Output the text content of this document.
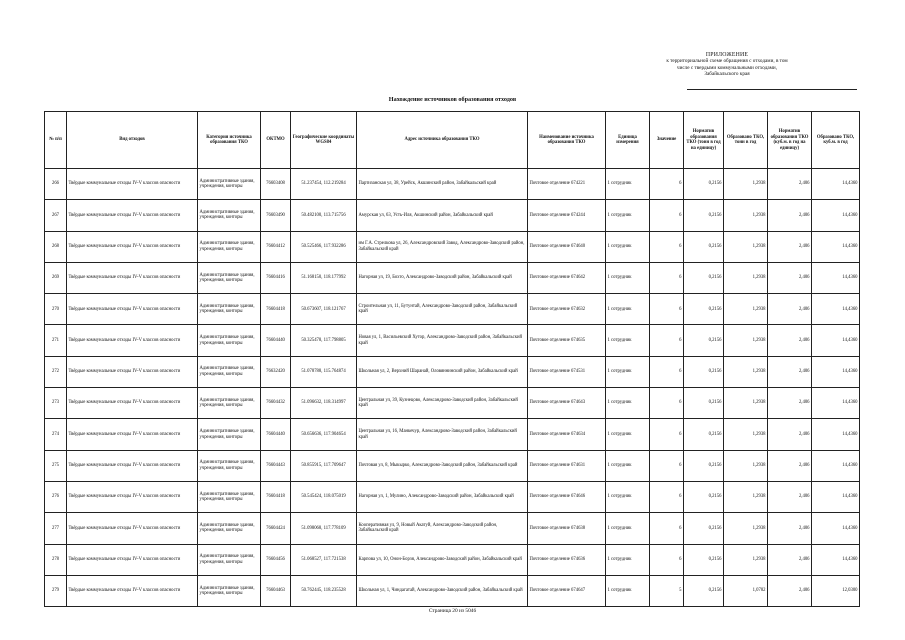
ПРИЛОЖЕНИЕ
к территориальной схеме обращения с отходами, в том
числе с твердыми коммунальными отходами,
Забайкальского края
Нахождение источников образования отходов
№ п/п	Вид отходов	Категория источника образования ТКО	ОКТМО	Географические координаты WGS84	Адрес источника образования ТКО	Наименование источника образования ТКО	Единица измерения	Значение	Норматив образования ТКО (тонн в год на единицу)	Образовано ТКО, тонн в год	Норматив образования ТКО (куб.м. в год на единицу)	Образовано ТКО, куб.м. в год
266	Твёрдые коммунальные отходы IV-V классов опасности	Административные здания, учреждения, конторы	76603408	51.237454, 112.219284	Партизанская ул, 38, Урейск, Акшинский район, Забайкальский край	Почтовое отделение 674221	1 сотрудник	6	0,2156	1,2938	2,406	14,4360
267	Твёрдые коммунальные отходы IV-V классов опасности	Административные здания, учреждения, конторы	76603490	50.482100, 113.715756	Амурская ул, 63, Усть-Иля, Акшинский район, Забайкальский край	Почтовое отделение 674244	1 сотрудник	6	0,2156	1,2938	2,406	14,4360
268	Твёрдые коммунальные отходы IV-V классов опасности	Административные здания, учреждения, конторы	76604412	50.525466, 117.932286	им Г.А. Стрелкова ул, 26, Александровский Завод, Александрово-Заводский район, Забайкальский край	Почтовое отделение 674640	1 сотрудник	6	0,2156	1,2938	2,406	14,4360
269	Твёрдые коммунальные отходы IV-V классов опасности	Административные здания, учреждения, конторы	76604416	51.168150, 118.177992	Нагорная ул, 19, Бохто, Александрово-Заводский район, Забайкальский край	Почтовое отделение 674642	1 сотрудник	6	0,2156	1,2938	2,406	14,4360
270	Твёрдые коммунальные отходы IV-V классов опасности	Административные здания, учреждения, конторы	76604418	50.673607, 118.121767	Строительная ул, 11, Бутунтай, Александрово-Заводский район, Забайкальский край	Почтовое отделение 674632	1 сотрудник	6	0,2156	1,2938	2,406	14,4360
271	Твёрдые коммунальные отходы IV-V классов опасности	Административные здания, учреждения, конторы	76604440	50.325478, 117.798805	Новая ул, 1, Васильевский Хутор, Александрово-Заводский район, Забайкальский край	Почтовое отделение 674635	1 сотрудник	6	0,2156	1,2938	2,406	14,4360
272	Твёрдые коммунальные отходы IV-V классов опасности	Административные здания, учреждения, конторы	76632420	51.078788, 115.764874	Школьная ул, 2, Верхний Шаранай, Оловяннинский район, Забайкальский край	Почтовое отделение 674531	1 сотрудник	6	0,2156	1,2938	2,406	14,4360
273	Твёрдые коммунальные отходы IV-V классов опасности	Административные здания, учреждения, конторы	76604432	51.096632, 118.314997	Центральная ул, 39, Кузнецово, Александрово-Заводский район, Забайкальский край	Почтовое отделение 674643	1 сотрудник	6	0,2156	1,2938	2,406	14,4360
274	Твёрдые коммунальные отходы IV-V классов опасности	Административные здания, учреждения, конторы	76604440	50.656636, 117.904654	Центральная ул, 16, Манкечур, Александрово-Заводский район, Забайкальский край	Почтовое отделение 674634	1 сотрудник	6	0,2156	1,2938	2,406	14,4360
275	Твёрдые коммунальные отходы IV-V классов опасности	Административные здания, учреждения, конторы	76604443	50.855915, 117.709647	Почтовая ул, 8, Мыкырко, Александрово-Заводский район, Забайкальский край	Почтовое отделение 674631	1 сотрудник	6	0,2156	1,2938	2,406	14,4360
276	Твёрдые коммунальные отходы IV-V классов опасности	Административные здания, учреждения, конторы	76604418	50.545424, 118.075019	Нагорная ул, 1, Мулино, Александрово-Заводский район, Забайкальский край	Почтовое отделение 674646	1 сотрудник	6	0,2156	1,2938	2,406	14,4360
277	Твёрдые коммунальные отходы IV-V классов опасности	Административные здания, учреждения, конторы	76604424	51.098068, 117.778109	Кооперативная ул, 9, Новый Акатуй, Александрово-Заводский район, Забайкальский край	Почтовое отделение 674638	1 сотрудник	6	0,2156	1,2938	2,406	14,4360
278	Твёрдые коммунальные отходы IV-V классов опасности	Административные здания, учреждения, конторы	76604456	51.068527, 117.721538	Карпова ул, 10, Онон-Борзя, Александрово-Заводский район, Забайкальский край	Почтовое отделение 674636	1 сотрудник	6	0,2156	1,2938	2,406	14,4360
279	Твёрдые коммунальные отходы IV-V классов опасности	Административные здания, учреждения, конторы	76604463	50.762445, 118.235528	Школьная ул, 1, Чиндагатай, Александрово-Заводский район, Забайкальский край	Почтовое отделение 674647	1 сотрудник	5	0,2156	1,0782	2,406	12,0300
Страница 20 из 5046
